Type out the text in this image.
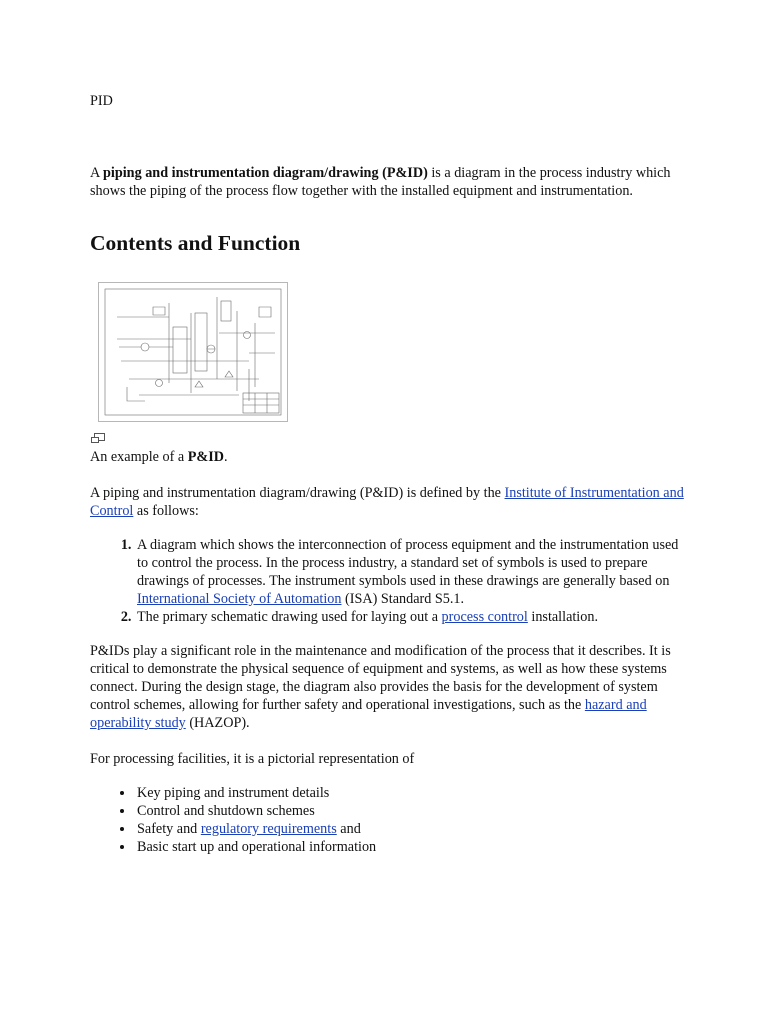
PID

A piping and instrumentation diagram/drawing (P&ID) is a diagram in the process industry which shows the piping of the process flow together with the installed equipment and instrumentation.

Contents and Function

An example of a P&ID.

A piping and instrumentation diagram/drawing (P&ID) is defined by the Institute of Instrumentation and Control as follows:

1. A diagram which shows the interconnection of process equipment and the instrumentation used to control the process. In the process industry, a standard set of symbols is used to prepare drawings of processes. The instrument symbols used in these drawings are generally based on International Society of Automation (ISA) Standard S5.1.
2. The primary schematic drawing used for laying out a process control installation.

P&IDs play a significant role in the maintenance and modification of the process that it describes. It is critical to demonstrate the physical sequence of equipment and systems, as well as how these systems connect. During the design stage, the diagram also provides the basis for the development of system control schemes, allowing for further safety and operational investigations, such as the hazard and operability study (HAZOP).

For processing facilities, it is a pictorial representation of

• Key piping and instrument details
• Control and shutdown schemes
• Safety and regulatory requirements and
• Basic start up and operational information
